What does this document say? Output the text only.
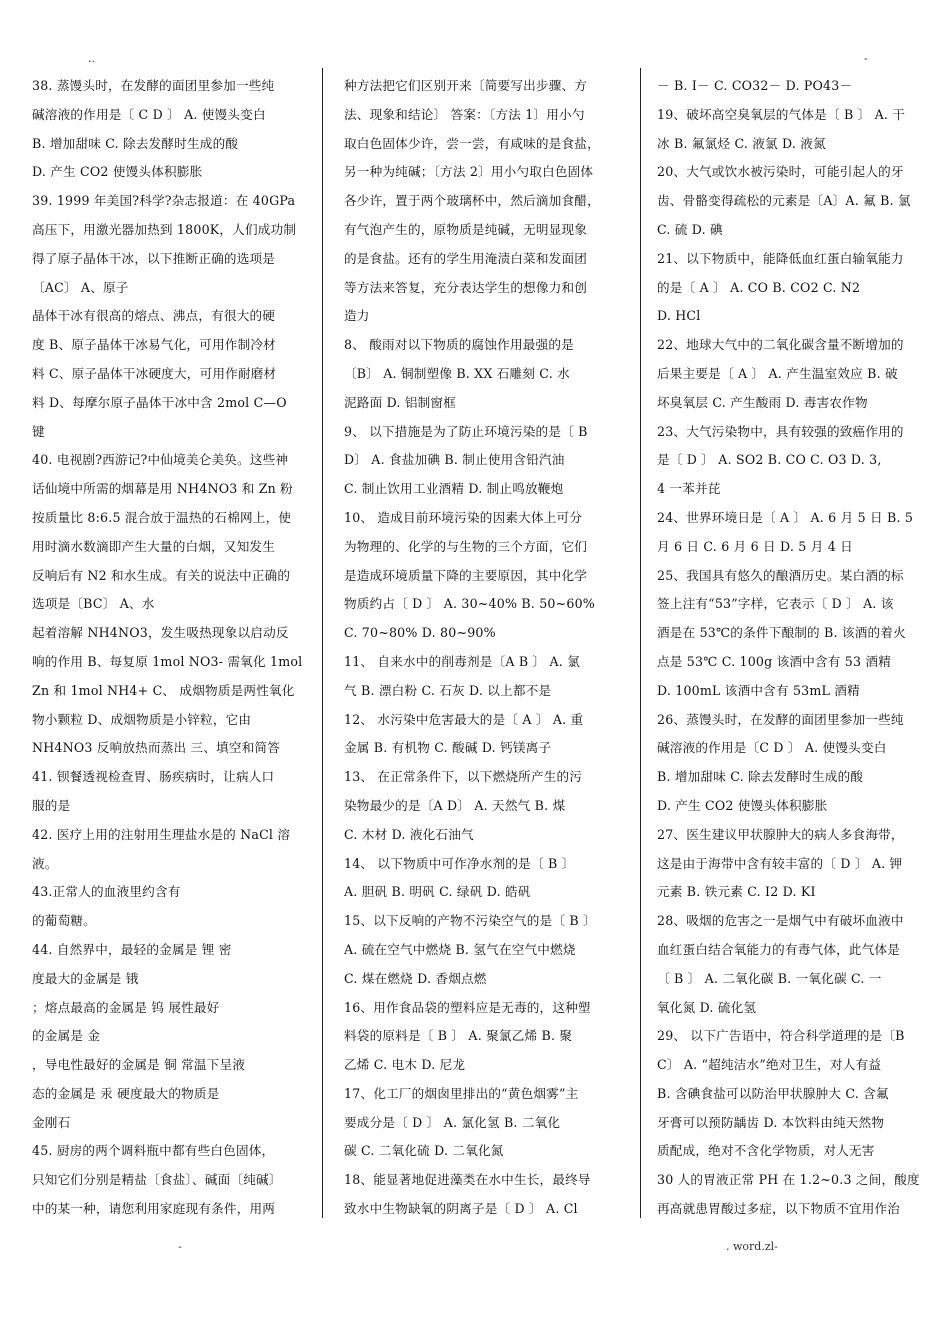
..	-
38. 蒸馒头时，在发酵的面团里参加一些纯
碱溶液的作用是〔 C D 〕 A. 使馒头变白
B. 增加甜味 C. 除去发酵时生成的酸
D. 产生 CO2 使馒头体积膨胀
39. 1999 年美国?科学?杂志报道：在 40GPa
高压下，用激光器加热到 1800K，人们成功制
得了原子晶体干冰，以下推断正确的选项是
〔AC〕 A、原子
晶体干冰有很高的熔点、沸点，有很大的硬
度 B、原子晶体干冰易气化，可用作制冷材
料 C、原子晶体干冰硬度大，可用作耐磨材
料 D、每摩尔原子晶体干冰中含 2mol C—O
键
40. 电视剧?西游记?中仙境美仑美奂。这些神
话仙境中所需的烟幕是用 NH4NO3 和 Zn 粉
按质量比 8:6.5 混合放于温热的石棉网上，使
用时滴水数滴即产生大量的白烟，又知发生
反响后有 N2 和水生成。有关的说法中正确的
选项是〔BC〕 A、水
起着溶解 NH4NO3，发生吸热现象以启动反
响的作用 B、每复原 1mol NO3- 需氧化 1mol
Zn 和 1mol NH4+ C、 成烟物质是两性氧化
物小颗粒 D、成烟物质是小锌粒，它由
NH4NO3 反响放热而蒸出 三、填空和简答
41. 钡餐透视检查胃、肠疾病时，让病人口
服的是
42. 医疗上用的注射用生理盐水是的 NaCl 溶
液。
43.正常人的血液里约含有
的葡萄糖。
44. 自然界中，最轻的金属是 锂 密
度最大的金属是 锇
；熔点最高的金属是 钨 展性最好
的金属是 金
，导电性最好的金属是 铜 常温下呈液
态的金属是 汞 硬度最大的物质是
金刚石
45. 厨房的两个调料瓶中都有些白色固体，
只知它们分别是精盐〔食盐〕、碱面〔纯碱〕
中的某一种，请您利用家庭现有条件，用两
种方法把它们区别开来〔简要写出步骤、方
法、现象和结论〕 答案：〔方法 1〕用小勺
取白色固体少许，尝一尝，有咸味的是食盐，
另一种为纯碱；〔方法 2〕用小勺取白色固体
各少许，置于两个玻璃杯中，然后滴加食醋，
有气泡产生的，原物质是纯碱，无明显现象
的是食盐。还有的学生用淹渍白菜和发面团
等方法来答复，充分表达学生的想像力和创
造力
8、 酸雨对以下物质的腐蚀作用最强的是
〔B〕 A. 铜制塑像 B. XX 石雕刻 C. 水
泥路面 D. 铝制窗框
9、 以下措施是为了防止环境污染的是〔 B
D〕 A. 食盐加碘 B. 制止使用含铅汽油
C. 制止饮用工业酒精 D. 制止鸣放鞭炮
10、 造成目前环境污染的因素大体上可分
为物理的、化学的与生物的三个方面，它们
是造成环境质量下降的主要原因，其中化学
物质约占〔 D 〕 A. 30~40% B. 50~60%
C. 70~80% D. 80~90%
11、 自来水中的削毒剂是〔A B 〕 A. 氯
气 B. 漂白粉 C. 石灰 D. 以上都不是
12、 水污染中危害最大的是〔 A 〕 A. 重
金属 B. 有机物 C. 酸碱 D. 钙镁离子
13、 在正常条件下，以下燃烧所产生的污
染物最少的是〔A D〕 A. 天然气 B. 煤
C. 木材 D. 液化石油气
14、 以下物质中可作净水剂的是〔 B 〕
A. 胆矾 B. 明矾 C. 绿矾 D. 皓矾
15、以下反响的产物不污染空气的是〔 B 〕
A. 硫在空气中燃烧 B. 氢气在空气中燃烧
C. 煤在燃烧 D. 香烟点燃
16、用作食品袋的塑料应是无毒的，这种塑
料袋的原料是〔 B 〕 A. 聚氯乙烯 B. 聚
乙烯 C. 电木 D. 尼龙
17、化工厂的烟囱里排出的“黄色烟雾”主
要成分是〔 D 〕 A. 氯化氢 B. 二氧化
碳 C. 二氧化硫 D. 二氧化氮
18、能显著地促进藻类在水中生长，最终导
致水中生物缺氧的阴离子是〔 D 〕 A. Cl
－ B. I－ C. CO32－ D. PO43－
19、破坏高空臭氧层的气体是〔 B 〕 A. 干
冰 B. 氟氯烃 C. 液氯 D. 液氮
20、大气或饮水被污染时，可能引起人的牙
齿、骨骼变得疏松的元素是〔A〕A. 氟 B. 氯
C. 硫 D. 碘
21、以下物质中，能降低血红蛋白输氧能力
的是〔 A 〕 A. CO B. CO2 C. N2
D. HCl
22、地球大气中的二氧化碳含量不断增加的
后果主要是〔 A 〕 A. 产生温室效应 B. 破
坏臭氧层 C. 产生酸雨 D. 毒害农作物
23、大气污染物中，具有较强的致癌作用的
是〔 D 〕 A. SO2 B. CO C. O3 D. 3,
4 一苯并芘
24、世界环境日是〔 A 〕 A. 6 月 5 日 B. 5
月 6 日 C. 6 月 6 日 D. 5 月 4 日
25、我国具有悠久的酿酒历史。某白酒的标
签上注有“53”字样，它表示〔 D 〕 A. 该
酒是在 53℃的条件下酿制的 B. 该酒的着火
点是 53℃ C. 100g 该酒中含有 53 酒精
D. 100mL 该酒中含有 53mL 酒精
26、蒸馒头时，在发酵的面团里参加一些纯
碱溶液的作用是〔C D 〕 A. 使馒头变白
B. 增加甜味 C. 除去发酵时生成的酸
D. 产生 CO2 使馒头体积膨胀
27、医生建议甲状腺肿大的病人多食海带，
这是由于海带中含有较丰富的〔 D 〕 A. 钾
元素 B. 铁元素 C. I2 D. KI
28、吸烟的危害之一是烟气中有破坏血液中
血红蛋白结合氧能力的有毒气体，此气体是
〔 B 〕 A. 二氧化碳 B. 一氧化碳 C. 一
氧化氮 D. 硫化氢
29、 以下广告语中，符合科学道理的是〔B
C〕 A. “超纯洁水”绝对卫生，对人有益
B. 含碘食盐可以防治甲状腺肿大 C. 含氟
牙膏可以预防龋齿 D. 本饮料由纯天然物
质配成，绝对不含化学物质，对人无害
30 人的胃液正常 PH 在 1.2~0.3 之间，酸度
再高就患胃酸过多症，以下物质不宜用作治
-	. word.zl-
